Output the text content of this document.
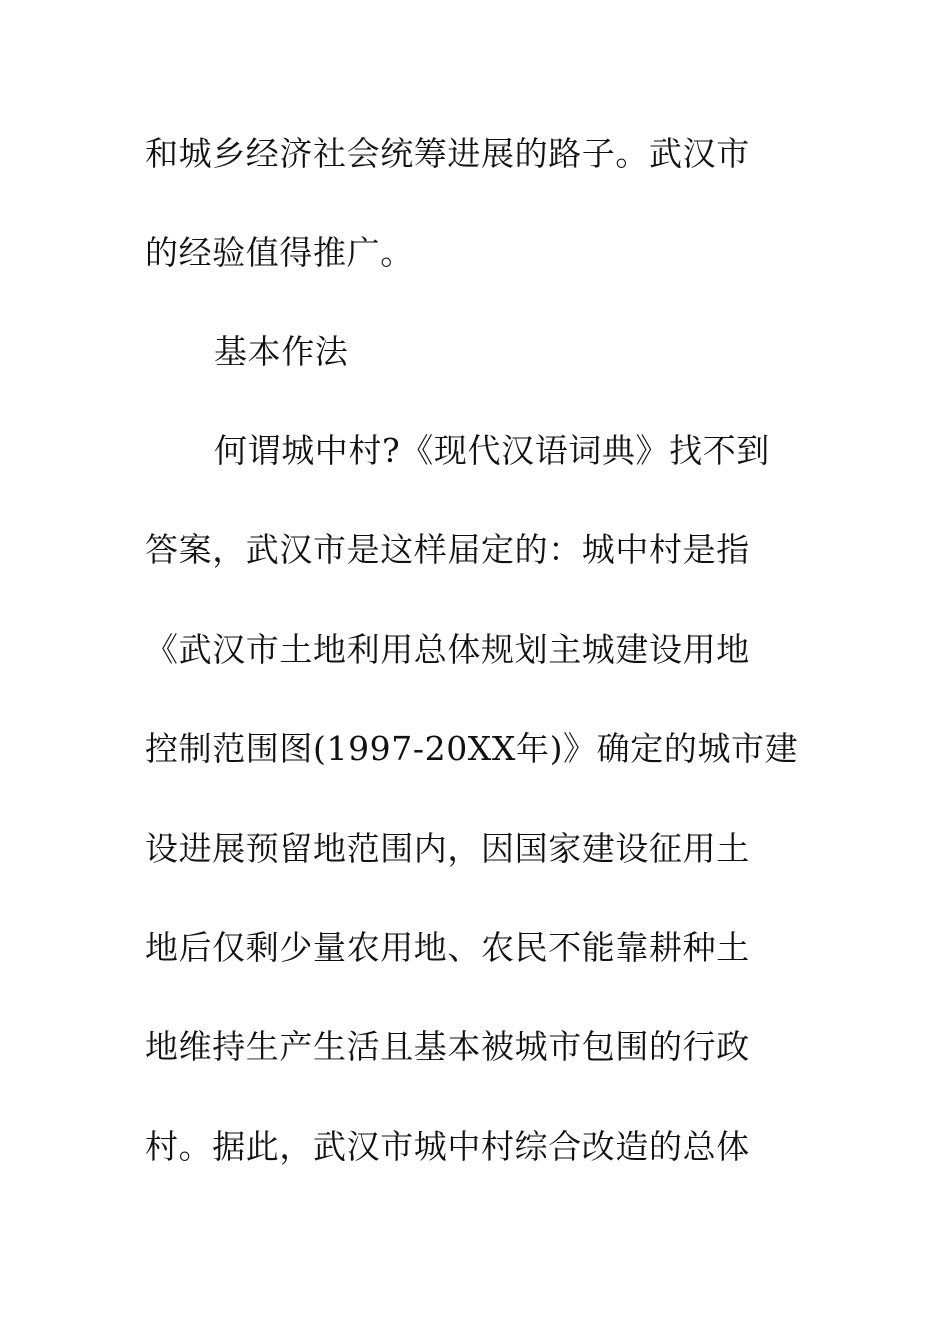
和城乡经济社会统筹进展的路子。武汉市
的经验值得推广。
基本作法
何谓城中村?《现代汉语词典》找不到
答案，武汉市是这样届定的：城中村是指
《武汉市土地利用总体规划主城建设用地
控制范围图(1997-20XX年)》确定的城市建
设进展预留地范围内，因国家建设征用土
地后仅剩少量农用地、农民不能靠耕种土
地维持生产生活且基本被城市包围的行政
村。据此，武汉市城中村综合改造的总体
